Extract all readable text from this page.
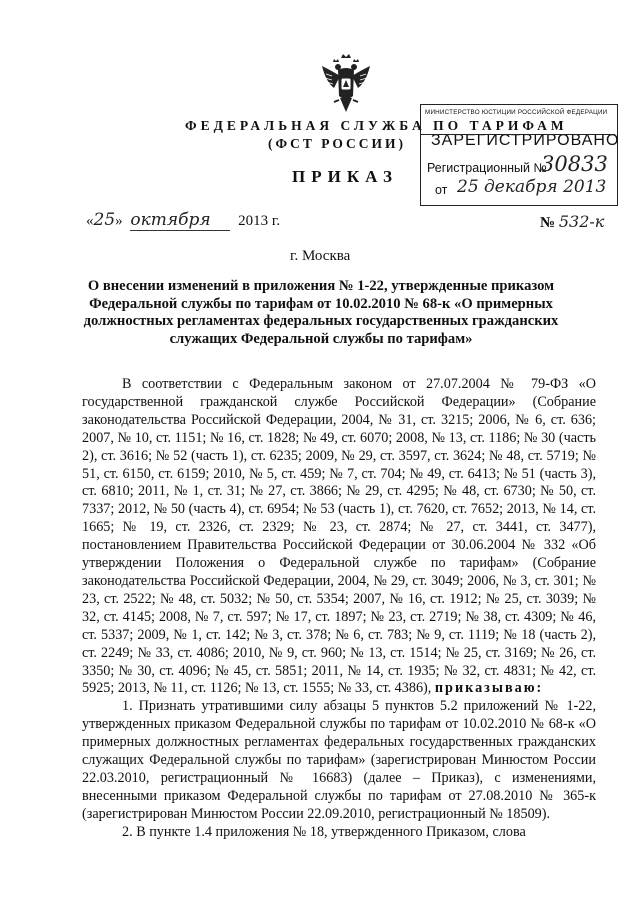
ФЕДЕРАЛЬНАЯ СЛУЖБА ПО ТАРИФАМ
(ФСТ РОССИИ)
ПРИКАЗ
МИНИСТЕРСТВО ЮСТИЦИИ РОССИЙСКОЙ ФЕДЕРАЦИИ
ЗАРЕГИСТРИРОВАНО
Регистрационный №
30833
от 25 декабря 2013
«25» октября 2013 г.	№ 532-к
г. Москва
О внесении изменений в приложения № 1-22, утвержденные приказом Федеральной службы по тарифам от 10.02.2010 № 68-к «О примерных должностных регламентах федеральных государственных гражданских служащих Федеральной службы по тарифам»

В соответствии с Федеральным законом от 27.07.2004 № 79-ФЗ «О государственной гражданской службе Российской Федерации» (Собрание законодательства Российской Федерации, 2004, № 31, ст. 3215; 2006, № 6, ст. 636; 2007, № 10, ст. 1151; № 16, ст. 1828; № 49, ст. 6070; 2008, № 13, ст. 1186; № 30 (часть 2), ст. 3616; № 52 (часть 1), ст. 6235; 2009, № 29, ст. 3597, ст. 3624; № 48, ст. 5719; № 51, ст. 6150, ст. 6159; 2010, № 5, ст. 459; № 7, ст. 704; № 49, ст. 6413; № 51 (часть 3), ст. 6810; 2011, № 1, ст. 31; № 27, ст. 3866; № 29, ст. 4295; № 48, ст. 6730; № 50, ст. 7337; 2012, № 50 (часть 4), ст. 6954; № 53 (часть 1), ст. 7620, ст. 7652; 2013, № 14, ст. 1665; № 19, ст. 2326, ст. 2329; № 23, ст. 2874; № 27, ст. 3441, ст. 3477), постановлением Правительства Российской Федерации от 30.06.2004 № 332 «Об утверждении Положения о Федеральной службе по тарифам» (Собрание законодательства Российской Федерации, 2004, № 29, ст. 3049; 2006, № 3, ст. 301; № 23, ст. 2522; № 48, ст. 5032; № 50, ст. 5354; 2007, № 16, ст. 1912; № 25, ст. 3039; № 32, ст. 4145; 2008, № 7, ст. 597; № 17, ст. 1897; № 23, ст. 2719; № 38, ст. 4309; № 46, ст. 5337; 2009, № 1, ст. 142; № 3, ст. 378; № 6, ст. 783; № 9, ст. 1119; № 18 (часть 2), ст. 2249; № 33, ст. 4086; 2010, № 9, ст. 960; № 13, ст. 1514; № 25, ст. 3169; № 26, ст. 3350; № 30, ст. 4096; № 45, ст. 5851; 2011, № 14, ст. 1935; № 32, ст. 4831; № 42, ст. 5925; 2013, № 11, ст. 1126; № 13, ст. 1555; № 33, ст. 4386), приказываю:

1. Признать утратившими силу абзацы 5 пунктов 5.2 приложений № 1-22, утвержденных приказом Федеральной службы по тарифам от 10.02.2010 № 68-к «О примерных должностных регламентах федеральных государственных гражданских служащих Федеральной службы по тарифам» (зарегистрирован Минюстом России 22.03.2010, регистрационный № 16683) (далее – Приказ), с изменениями, внесенными приказом Федеральной службы по тарифам от 27.08.2010 № 365-к (зарегистрирован Минюстом России 22.09.2010, регистрационный № 18509).

2. В пункте 1.4 приложения № 18, утвержденного Приказом, слова
